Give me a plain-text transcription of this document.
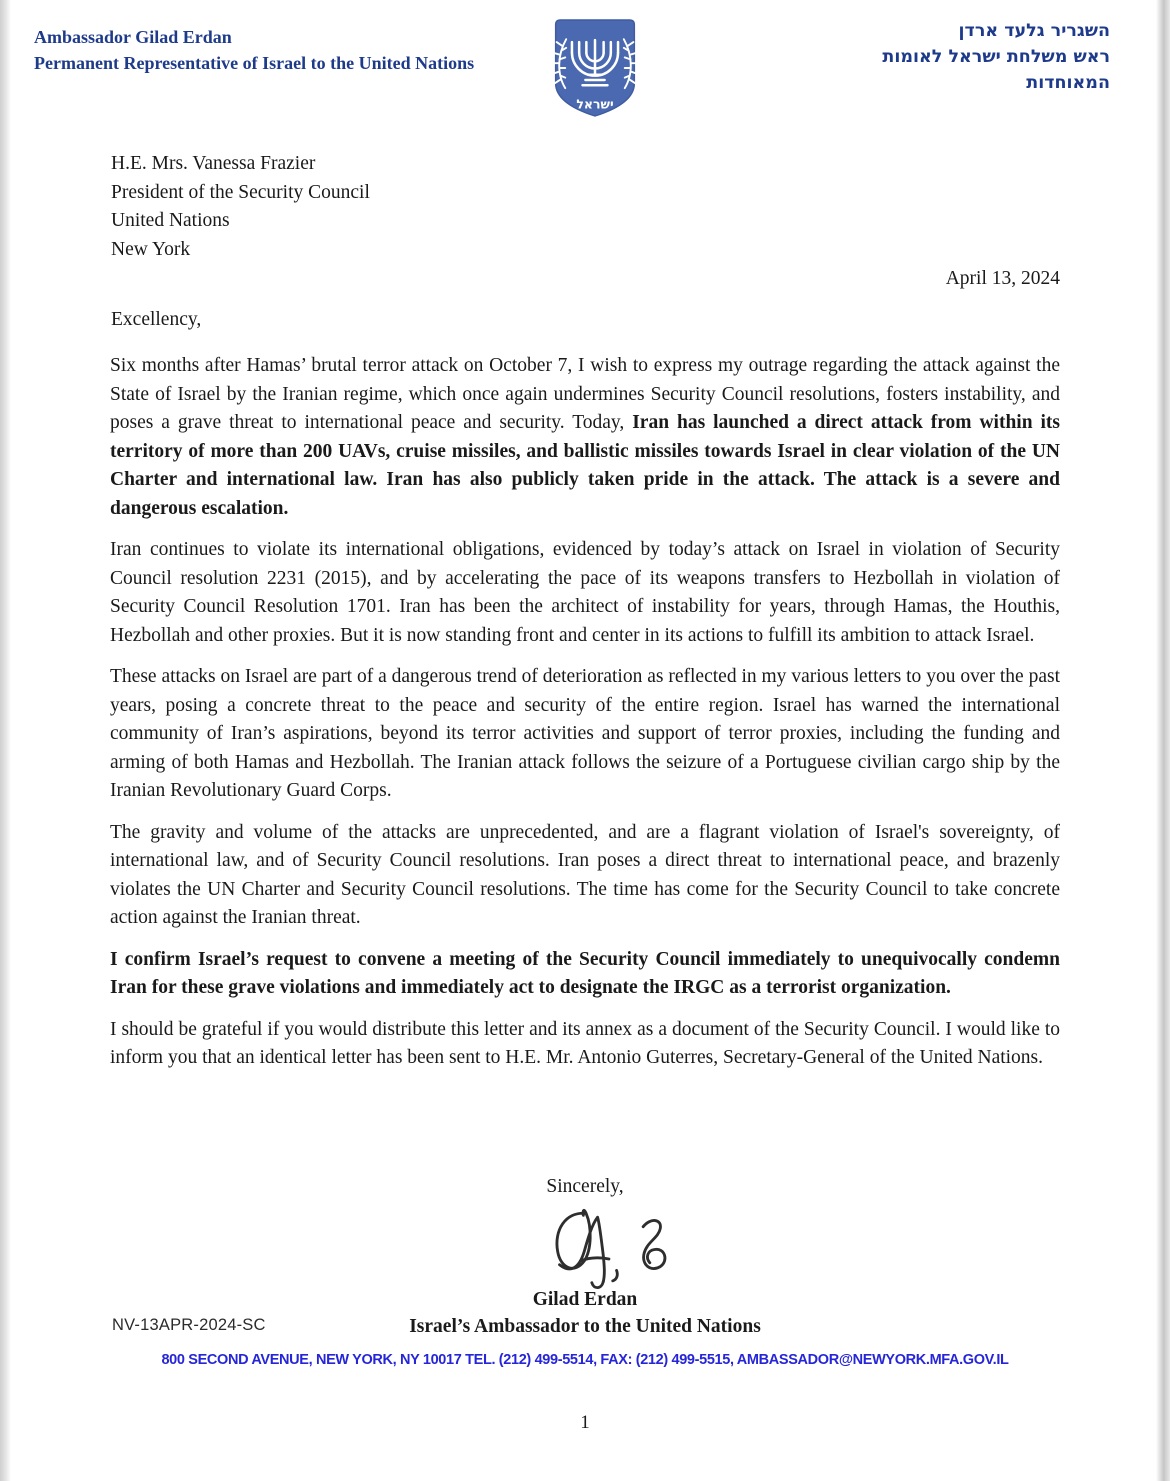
Ambassador Gilad Erdan
Permanent Representative of Israel to the United Nations
ישראל
השגריר גלעד ארדן
ראש משלחת ישראל לאומות
המאוחדות
H.E. Mrs. Vanessa Frazier
President of the Security Council
United Nations
New York
April 13, 2024
Excellency,

Six months after Hamas’ brutal terror attack on October 7, I wish to express my outrage regarding the attack against the State of Israel by the Iranian regime, which once again undermines Security Council resolutions, fosters instability, and poses a grave threat to international peace and security. Today, Iran has launched a direct attack from within its territory of more than 200 UAVs, cruise missiles, and ballistic missiles towards Israel in clear violation of the UN Charter and international law. Iran has also publicly taken pride in the attack. The attack is a severe and dangerous escalation.

Iran continues to violate its international obligations, evidenced by today’s attack on Israel in violation of Security Council resolution 2231 (2015), and by accelerating the pace of its weapons transfers to Hezbollah in violation of Security Council Resolution 1701. Iran has been the architect of instability for years, through Hamas, the Houthis, Hezbollah and other proxies. But it is now standing front and center in its actions to fulfill its ambition to attack Israel.

These attacks on Israel are part of a dangerous trend of deterioration as reflected in my various letters to you over the past years, posing a concrete threat to the peace and security of the entire region. Israel has warned the international community of Iran’s aspirations, beyond its terror activities and support of terror proxies, including the funding and arming of both Hamas and Hezbollah. The Iranian attack follows the seizure of a Portuguese civilian cargo ship by the Iranian Revolutionary Guard Corps.

The gravity and volume of the attacks are unprecedented, and are a flagrant violation of Israel's sovereignty, of international law, and of Security Council resolutions. Iran poses a direct threat to international peace, and brazenly violates the UN Charter and Security Council resolutions. The time has come for the Security Council to take concrete action against the Iranian threat.

I confirm Israel’s request to convene a meeting of the Security Council immediately to unequivocally condemn Iran for these grave violations and immediately act to designate the IRGC as a terrorist organization.

I should be grateful if you would distribute this letter and its annex as a document of the Security Council. I would like to inform you that an identical letter has been sent to H.E. Mr. Antonio Guterres, Secretary-General of the United Nations.

Sincerely,
Gilad Erdan
Israel’s Ambassador to the United Nations
NV-13APR-2024-SC
800 SECOND AVENUE, NEW YORK, NY 10017 TEL. (212) 499-5514, FAX: (212) 499-5515, AMBASSADOR@NEWYORK.MFA.GOV.IL
1
